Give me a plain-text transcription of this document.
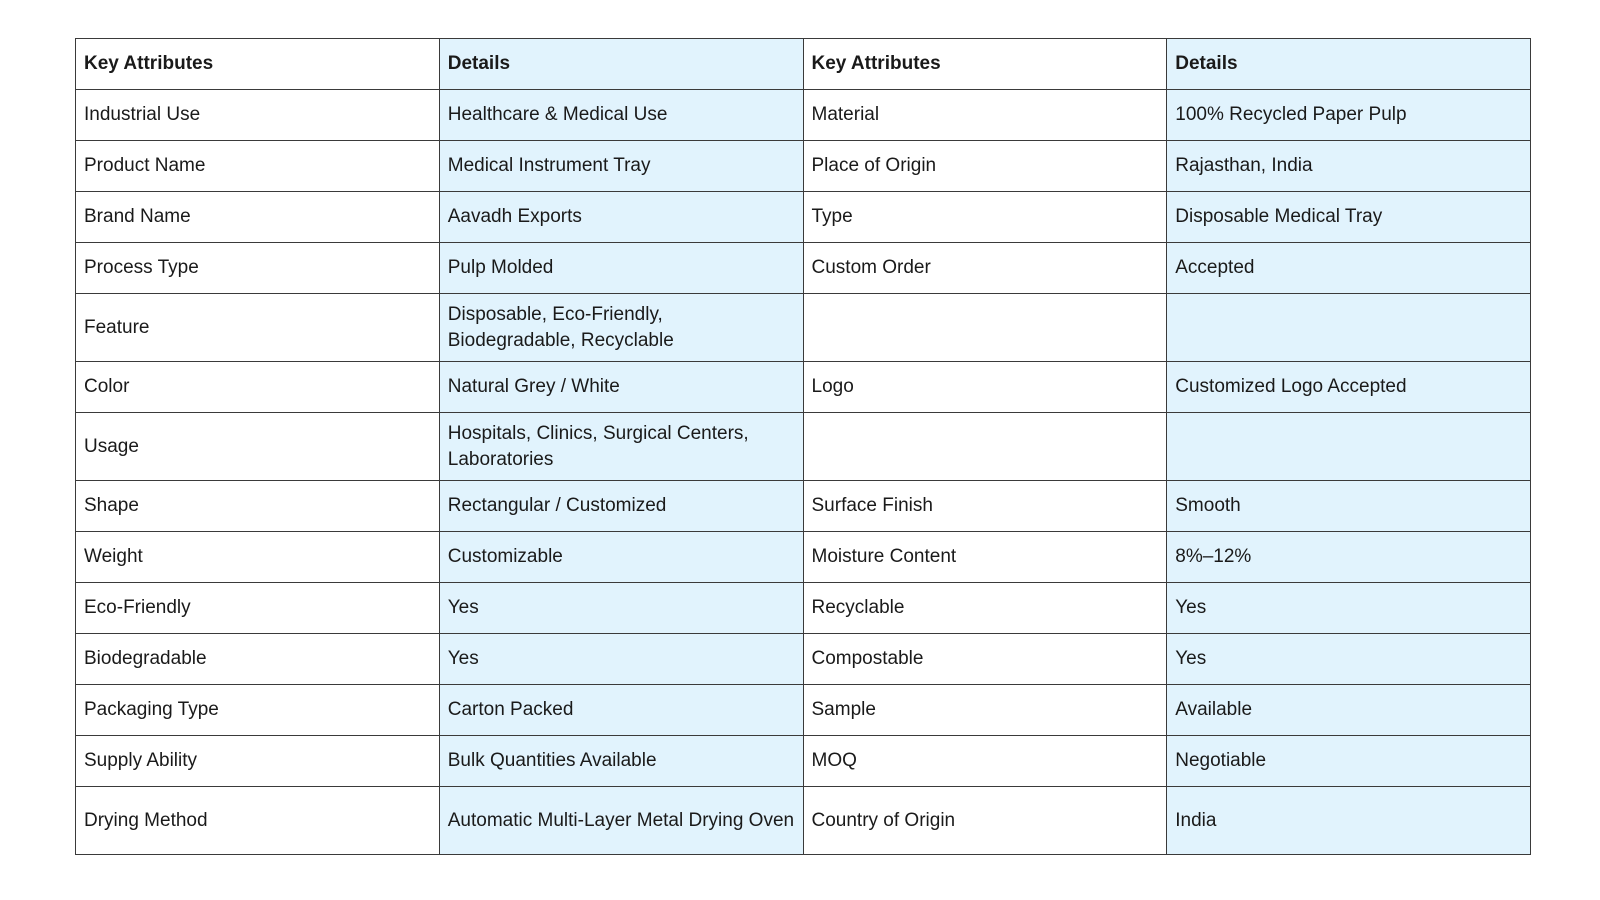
Key Attributes	Details	Key Attributes	Details
Industrial Use	Healthcare & Medical Use	Material	100% Recycled Paper Pulp
Product Name	Medical Instrument Tray	Place of Origin	Rajasthan, India
Brand Name	Aavadh Exports	Type	Disposable Medical Tray
Process Type	Pulp Molded	Custom Order	Accepted
Feature	Disposable, Eco-Friendly, Biodegradable, Recyclable		
Color	Natural Grey / White	Logo	Customized Logo Accepted
Usage	Hospitals, Clinics, Surgical Centers, Laboratories		
Shape	Rectangular / Customized	Surface Finish	Smooth
Weight	Customizable	Moisture Content	8%–12%
Eco-Friendly	Yes	Recyclable	Yes
Biodegradable	Yes	Compostable	Yes
Packaging Type	Carton Packed	Sample	Available
Supply Ability	Bulk Quantities Available	MOQ	Negotiable
Drying Method	Automatic Multi-Layer Metal Drying Oven	Country of Origin	India
